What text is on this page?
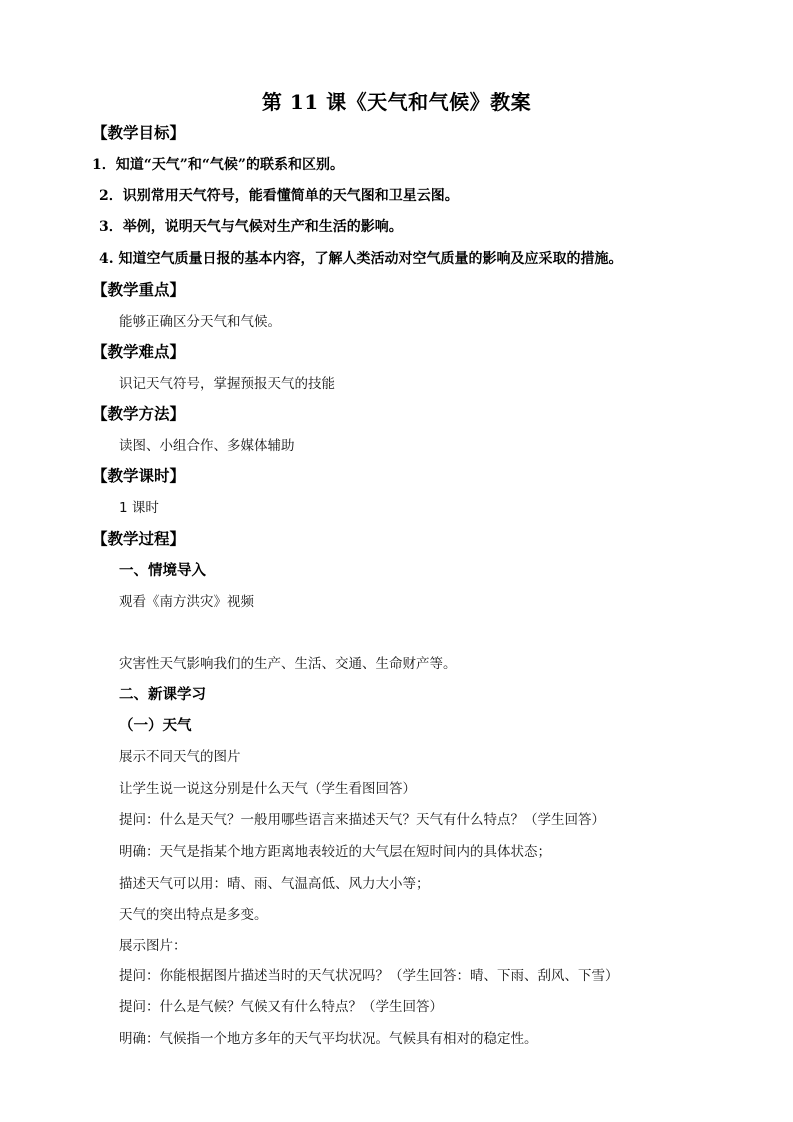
第 11 课《天气和气候》教案
【教学目标】
1．知道“天气”和“气候”的联系和区别。
2．识别常用天气符号，能看懂简单的天气图和卫星云图。
3．举例，说明天气与气候对生产和生活的影响。
4. 知道空气质量日报的基本内容，了解人类活动对空气质量的影响及应采取的措施。
【教学重点】
能够正确区分天气和气候。
【教学难点】
识记天气符号，掌握预报天气的技能
【教学方法】
读图、小组合作、多媒体辅助
【教学课时】
1 课时
【教学过程】
一、情境导入
观看《南方洪灾》视频
灾害性天气影响我们的生产、生活、交通、生命财产等。
二、新课学习
（一）天气
展示不同天气的图片
让学生说一说这分别是什么天气（学生看图回答）
提问：什么是天气？一般用哪些语言来描述天气？天气有什么特点？（学生回答）
明确：天气是指某个地方距离地表较近的大气层在短时间内的具体状态；
描述天气可以用：晴、雨、气温高低、风力大小等；
天气的突出特点是多变。
展示图片：
提问：你能根据图片描述当时的天气状况吗？（学生回答：晴、下雨、刮风、下雪）
提问：什么是气候？气候又有什么特点？（学生回答）
明确：气候指一个地方多年的天气平均状况。气候具有相对的稳定性。
